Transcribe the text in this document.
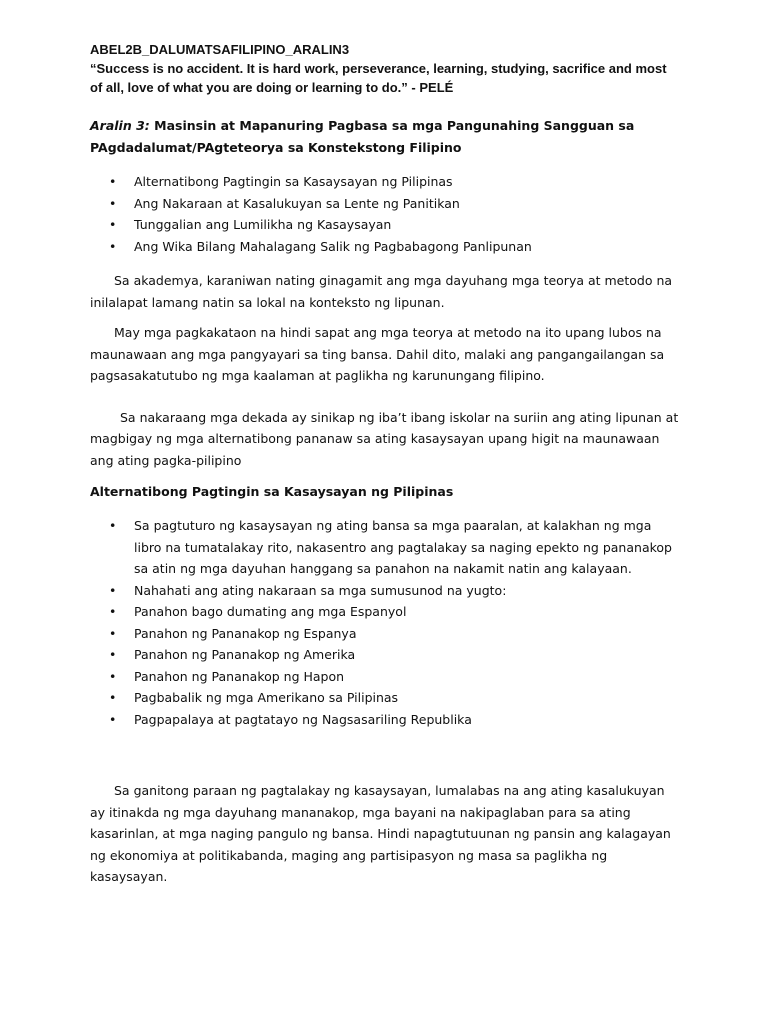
ABEL2B_DALUMATSAFILIPINO_ARALIN3

“Success is no accident. It is hard work, perseverance, learning, studying, sacrifice and most of all, love of what you are doing or learning to do.” - PELÉ

Aralin 3: Masinsin at Mapanuring Pagbasa sa mga Pangunahing Sangguan sa PAgdadalumat/PAgteteorya sa Konstekstong Filipino

• Alternatibong Pagtingin sa Kasaysayan ng Pilipinas
• Ang Nakaraan at Kasalukuyan sa Lente ng Panitikan
• Tunggalian ang Lumilikha ng Kasaysayan
• Ang Wika Bilang Mahalagang Salik ng Pagbabagong Panlipunan

Sa akademya, karaniwan nating ginagamit ang mga dayuhang mga teorya at metodo na inilalapat lamang natin sa lokal na konteksto ng lipunan.

May mga pagkakataon na hindi sapat ang mga teorya at metodo na ito upang lubos na maunawaan ang mga pangyayari sa ting bansa. Dahil dito, malaki ang pangangailangan sa pagsasakatutubo ng mga kaalaman at paglikha ng karunungang filipino.

Sa nakaraang mga dekada ay sinikap ng iba’t ibang iskolar na suriin ang ating lipunan at magbigay ng mga alternatibong pananaw sa ating kasaysayan upang higit na maunawaan ang ating pagka-pilipino

Alternatibong Pagtingin sa Kasaysayan ng Pilipinas

• Sa pagtuturo ng kasaysayan ng ating bansa sa mga paaralan, at kalakhan ng mga libro na tumatalakay rito, nakasentro ang pagtalakay sa naging epekto ng pananakop sa atin ng mga dayuhan hanggang sa panahon na nakamit natin ang kalayaan.
• Nahahati ang ating nakaraan sa mga sumusunod na yugto:
• Panahon bago dumating ang mga Espanyol
• Panahon ng Pananakop ng Espanya
• Panahon ng Pananakop ng Amerika
• Panahon ng Pananakop ng Hapon
• Pagbabalik ng mga Amerikano sa Pilipinas
• Pagpapalaya at pagtatayo ng Nagsasariling Republika

Sa ganitong paraan ng pagtalakay ng kasaysayan, lumalabas na ang ating kasalukuyan ay itinakda ng mga dayuhang mananakop, mga bayani na nakipaglaban para sa ating kasarinlan, at mga naging pangulo ng bansa. Hindi napagtutuunan ng pansin ang kalagayan ng ekonomiya at politikabanda, maging ang partisipasyon ng masa sa paglikha ng kasaysayan.
